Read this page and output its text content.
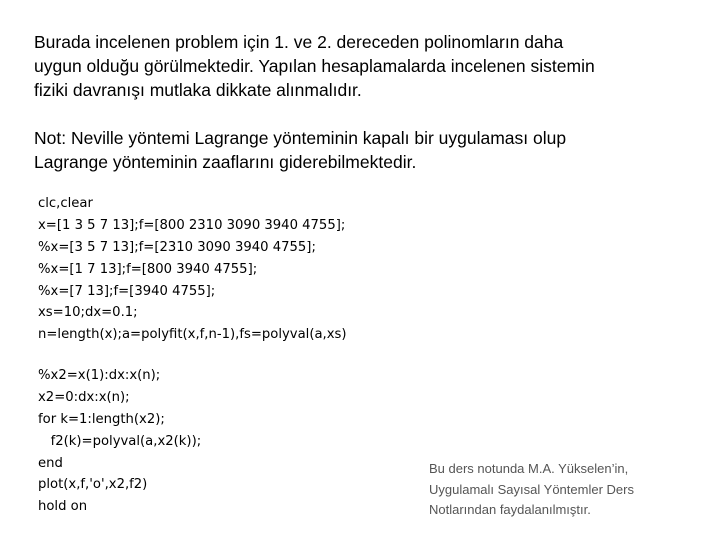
Burada incelenen problem için 1. ve 2. dereceden polinomların daha
uygun olduğu görülmektedir. Yapılan hesaplamalarda incelenen sistemin
fiziki davranışı mutlaka dikkate alınmalıdır.
Not: Neville yöntemi Lagrange yönteminin kapalı bir uygulaması olup
Lagrange yönteminin zaaflarını giderebilmektedir.
clc,clear
x=[1 3 5 7 13];f=[800 2310 3090 3940 4755];
%x=[3 5 7 13];f=[2310 3090 3940 4755];
%x=[1 7 13];f=[800 3940 4755];
%x=[7 13];f=[3940 4755];
xs=10;dx=0.1;
n=length(x);a=polyfit(x,f,n-1),fs=polyval(a,xs)
%x2=x(1):dx:x(n);
x2=0:dx:x(n);
for k=1:length(x2);
f2(k)=polyval(a,x2(k));
end
plot(x,f,'o',x2,f2)
hold on
Bu ders notunda M.A. Yükselen’in,
Uygulamalı Sayısal Yöntemler Ders
Notlarından faydalanılmıştır.
